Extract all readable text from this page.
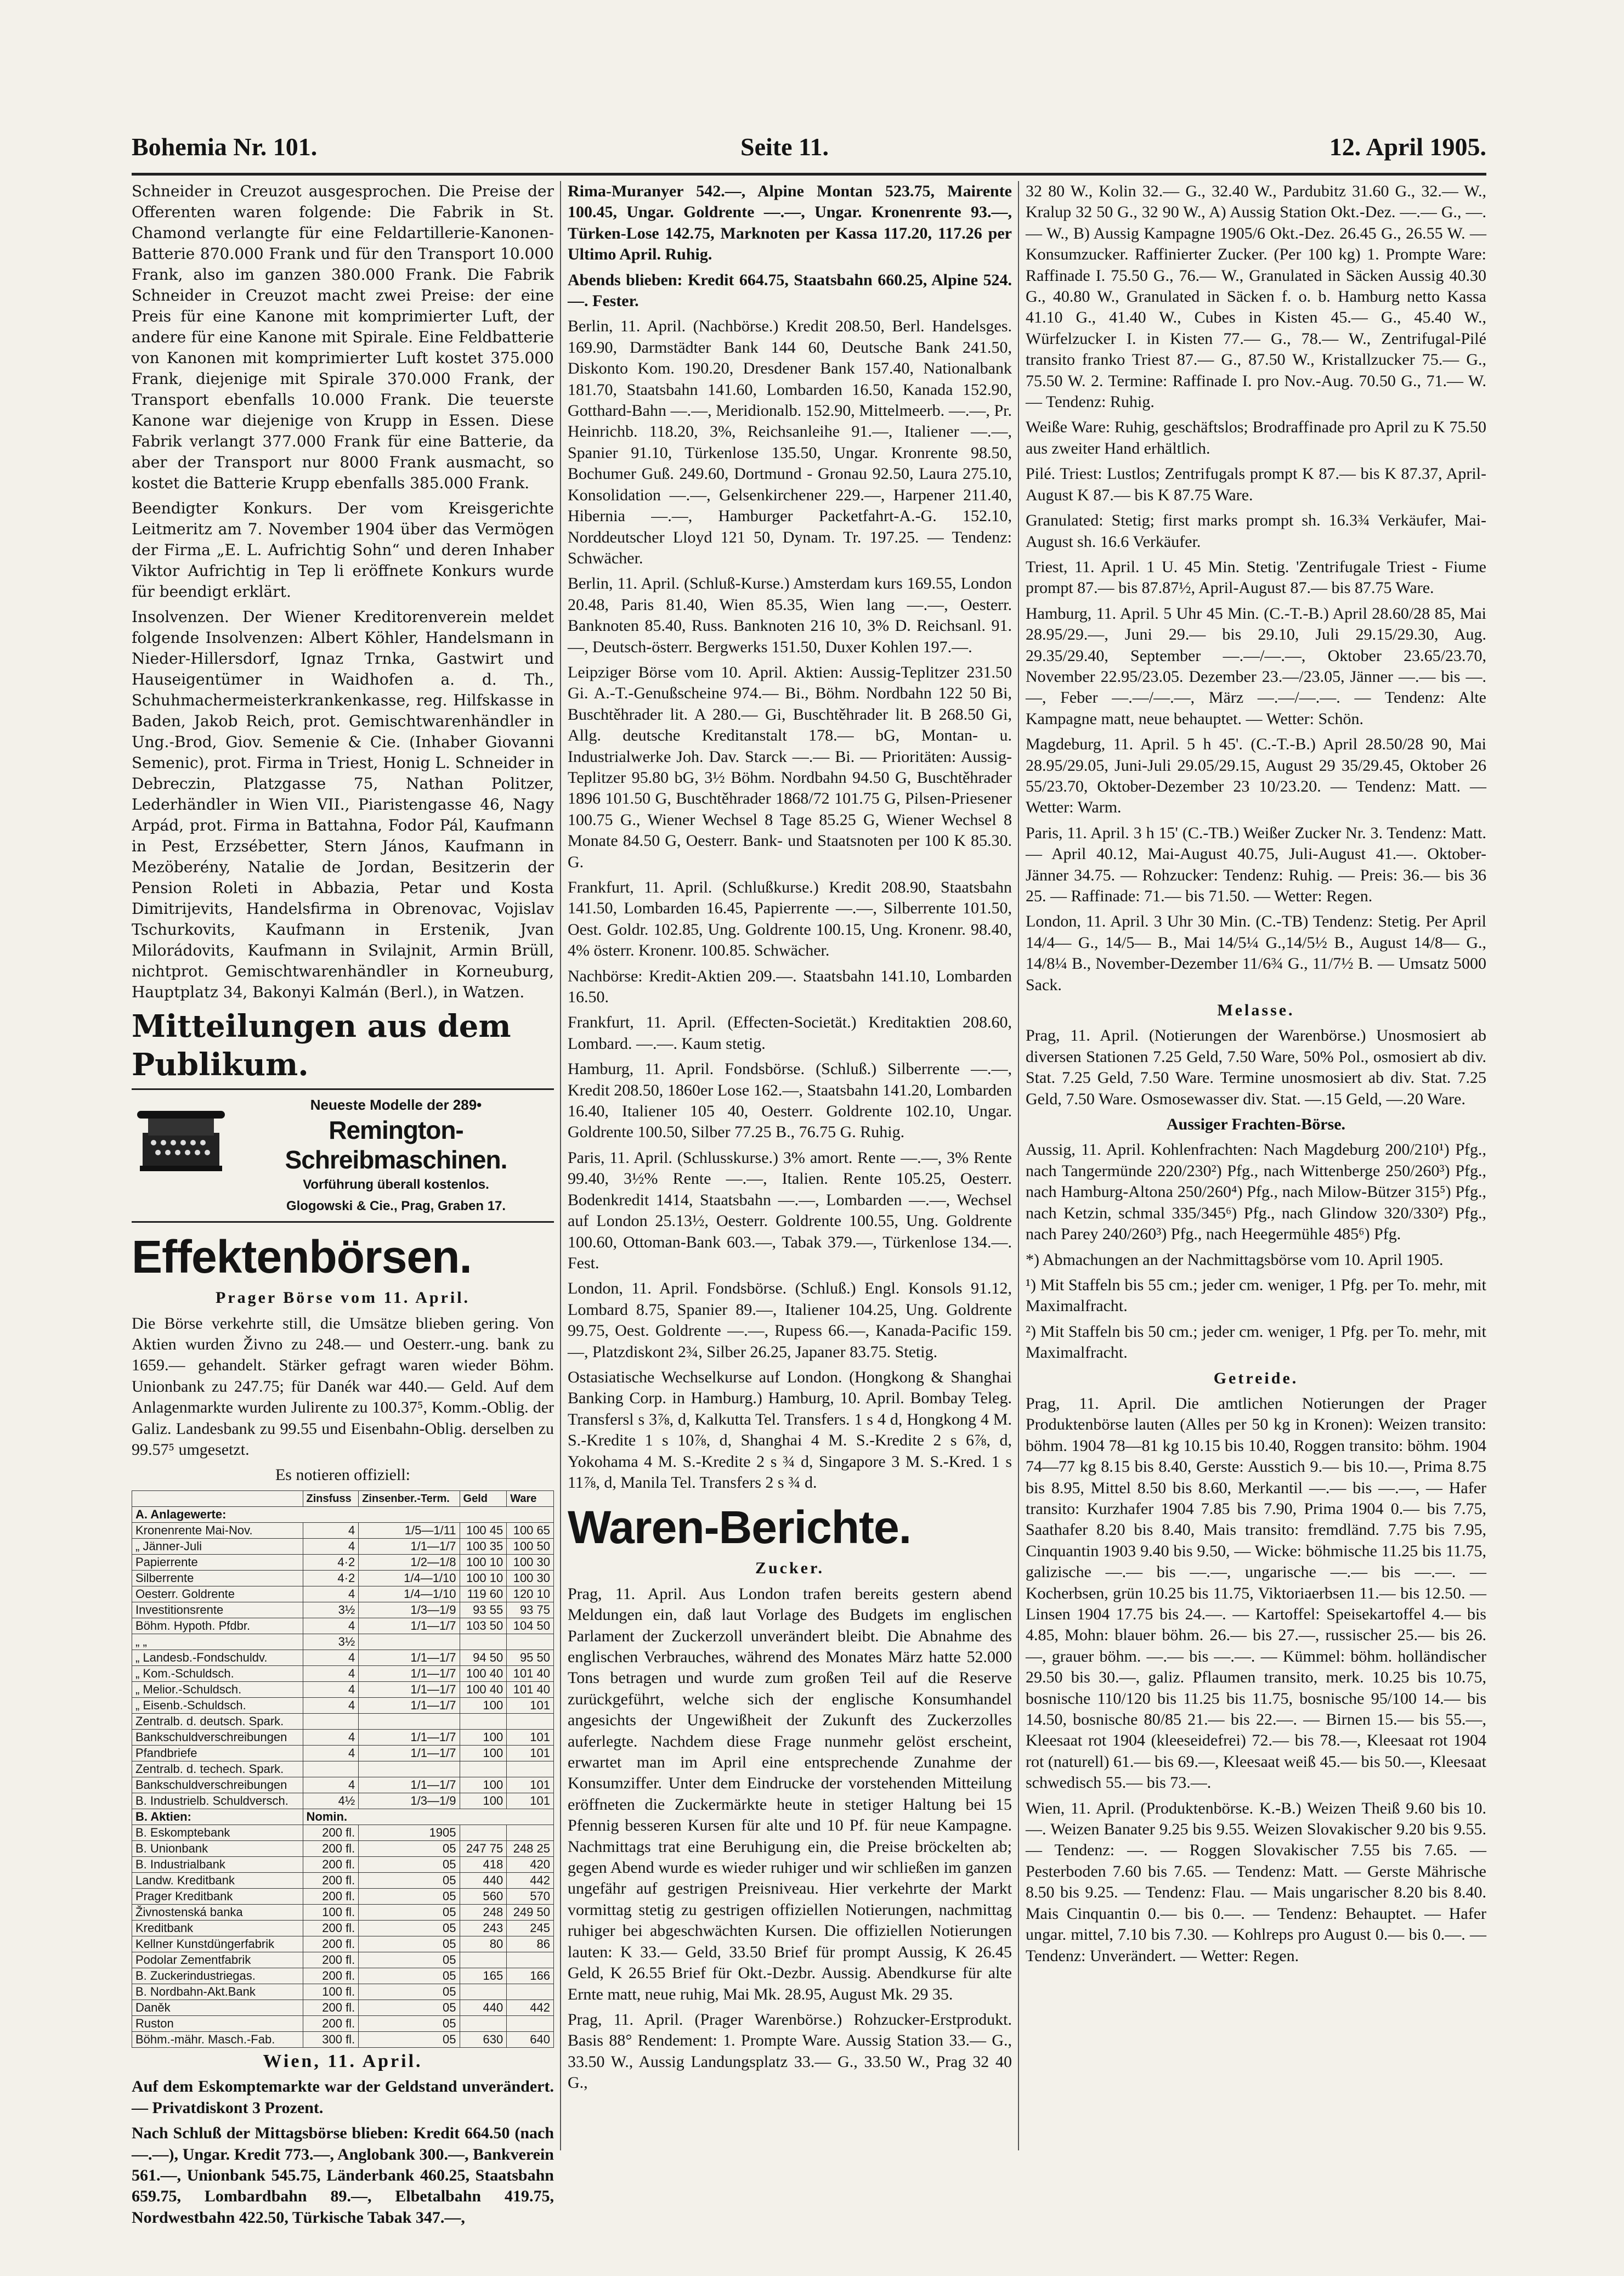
Bohemia Nr. 101.	Seite 11.	12. April 1905.

Schneider in Creuzot ausgesprochen. Die Preise der Offerenten waren folgende: Die Fabrik in St. Chamond verlangte für eine Feldartillerie-Kanonen-Batterie 870.000 Frank und für den Transport 10.000 Frank, also im ganzen 380.000 Frank. Die Fabrik Schneider in Creuzot macht zwei Preise: der eine Preis für eine Kanone mit komprimierter Luft, der andere für eine Kanone mit Spirale. Eine Feldbatterie von Kanonen mit komprimierter Luft kostet 375.000 Frank, diejenige mit Spirale 370.000 Frank, der Transport ebenfalls 10.000 Frank. Die teuerste Kanone war diejenige von Krupp in Essen. Diese Fabrik verlangt 377.000 Frank für eine Batterie, da aber der Transport nur 8000 Frank ausmacht, so kostet die Batterie Krupp ebenfalls 385.000 Frank.

Beendigter Konkurs. Der vom Kreisgerichte Leitmeritz am 7. November 1904 über das Vermögen der Firma „E. L. Aufrichtig Sohn“ und deren Inhaber Viktor Aufrichtig in Tep li eröffnete Konkurs wurde für beendigt erklärt.

Insolvenzen. Der Wiener Kreditorenverein meldet folgende Insolvenzen: Albert Köhler, Handelsmann in Nieder-Hillersdorf, Ignaz Trnka, Gastwirt und Hauseigentümer in Waidhofen a. d. Th., Schuhmachermeisterkrankenkasse, reg. Hilfskasse in Baden, Jakob Reich, prot. Gemischtwarenhändler in Ung.-Brod, Giov. Semenie & Cie. (Inhaber Giovanni Semenic), prot. Firma in Triest, Honig L. Schneider in Debreczin, Platzgasse 75, Nathan Politzer, Lederhändler in Wien VII., Piaristengasse 46, Nagy Arpád, prot. Firma in Battahna, Fodor Pál, Kaufmann in Pest, Erzsébetter, Stern János, Kaufmann in Mezöberény, Natalie de Jordan, Besitzerin der Pension Roleti in Abbazia, Petar und Kosta Dimitrijevits, Handelsfirma in Obrenovac, Vojislav Tschurkovits, Kaufmann in Erstenik, Jvan Milorádovits, Kaufmann in Svilajnit, Armin Brüll, nichtprot. Gemischtwarenhändler in Korneuburg, Hauptplatz 34, Bakonyi Kalmán (Berl.), in Watzen.

Mitteilungen aus dem Publikum.
Neueste Modelle der 289•
Remington-Schreibmaschinen.
Vorführung überall kostenlos.
Glogowski & Cie., Prag, Graben 17.
Effektenbörsen.

Prager Börse vom 11. April.

Die Börse verkehrte still, die Umsätze blieben gering. Von Aktien wurden Živno zu 248.— und Oesterr.-ung. bank zu 1659.— gehandelt. Stärker gefragt waren wieder Böhm. Unionbank zu 247.75; für Danék war 440.— Geld. Auf dem Anlagenmarkte wurden Julirente zu 100.37⁵, Komm.-Oblig. der Galiz. Landesbank zu 99.55 und Eisenbahn-Oblig. derselben zu 99.57⁵ umgesetzt.

Es notieren offiziell:

	Zinsfuss	Zinsenber.-Term.	Geld	Ware
A. Anlagewerte:				
Kronenrente Mai-Nov.	4	1/5—1/11	100 45	100 65
„ Jänner-Juli	4	1/1—1/7	100 35	100 50
Papierrente	4·2	1/2—1/8	100 10	100 30
Silberrente	4·2	1/4—1/10	100 10	100 30
Oesterr. Goldrente	4	1/4—1/10	119 60	120 10
Investitionsrente	3½	1/3—1/9	93 55	93 75
Böhm. Hypoth. Pfdbr.	4	1/1—1/7	103 50	104 50
„ „	3½			
„ Landesb.-Fondschuldv.	4	1/1—1/7	94 50	95 50
„ Kom.-Schuldsch.	4	1/1—1/7	100 40	101 40
„ Melior.-Schuldsch.	4	1/1—1/7	100 40	101 40
„ Eisenb.-Schuldsch.	4	1/1—1/7	100	101
Zentralb. d. deutsch. Spark.				
Bankschuldverschreibungen	4	1/1—1/7	100	101
Pfandbriefe	4	1/1—1/7	100	101
Zentralb. d. techech. Spark.				
Bankschuldverschreibungen	4	1/1—1/7	100	101
B. Industrielb. Schuldversch.	4½	1/3—1/9	100	101
B. Aktien:	Nomin.			
B. Eskomptebank	200 fl.	1905		
B. Unionbank	200 fl.	05	247 75	248 25
B. Industrialbank	200 fl.	05	418	420
Landw. Kreditbank	200 fl.	05	440	442
Prager Kreditbank	200 fl.	05	560	570
Živnostenská banka	100 fl.	05	248	249 50
Kreditbank	200 fl.	05	243	245
Kellner Kunstdüngerfabrik	200 fl.	05	80	86
Podolar Zementfabrik	200 fl.	05		
B. Zuckerindustriegas.	200 fl.	05	165	166
B. Nordbahn-Akt.Bank	100 fl.	05		
Daněk	200 fl.	05	440	442
Ruston	200 fl.	05		
Böhm.-mähr. Masch.-Fab.	300 fl.	05	630	640

Wien, 11. April.

Auf dem Eskomptemarkte war der Geldstand unverändert. — Privatdiskont 3 Prozent.

Nach Schluß der Mittagsbörse blieben: Kredit 664.50 (nach —.—), Ungar. Kredit 773.—, Anglobank 300.—, Bankverein 561.—, Unionbank 545.75, Länderbank 460.25, Staatsbahn 659.75, Lombardbahn 89.—, Elbetalbahn 419.75, Nordwestbahn 422.50, Türkische Tabak 347.—,

Rima-Muranyer 542.—, Alpine Montan 523.75, Mairente 100.45, Ungar. Goldrente —.—, Ungar. Kronenrente 93.—, Türken-Lose 142.75, Marknoten per Kassa 117.20, 117.26 per Ultimo April. Ruhig.

Abends blieben: Kredit 664.75, Staatsbahn 660.25, Alpine 524.—. Fester.

Berlin, 11. April. (Nachbörse.) Kredit 208.50, Berl. Handelsges. 169.90, Darmstädter Bank 144 60, Deutsche Bank 241.50, Diskonto Kom. 190.20, Dresdener Bank 157.40, Nationalbank 181.70, Staatsbahn 141.60, Lombarden 16.50, Kanada 152.90, Gotthard-Bahn —.—, Meridionalb. 152.90, Mittelmeerb. —.—, Pr. Heinrichb. 118.20, 3%, Reichsanleihe 91.—, Italiener —.—, Spanier 91.10, Türkenlose 135.50, Ungar. Kronrente 98.50, Bochumer Guß. 249.60, Dortmund - Gronau 92.50, Laura 275.10, Konsolidation —.—, Gelsenkirchener 229.—, Harpener 211.40, Hibernia —.—, Hamburger Packetfahrt-A.-G. 152.10, Norddeutscher Lloyd 121 50, Dynam. Tr. 197.25. — Tendenz: Schwächer.

Berlin, 11. April. (Schluß-Kurse.) Amsterdam kurs 169.55, London 20.48, Paris 81.40, Wien 85.35, Wien lang —.—, Oesterr. Banknoten 85.40, Russ. Banknoten 216 10, 3% D. Reichsanl. 91.—, Deutsch-österr. Bergwerks 151.50, Duxer Kohlen 197.—.

Leipziger Börse vom 10. April. Aktien: Aussig-Teplitzer 231.50 Gi. A.-T.-Genußscheine 974.— Bi., Böhm. Nordbahn 122 50 Bi, Buschtěhrader lit. A 280.— Gi, Buschtěhrader lit. B 268.50 Gi, Allg. deutsche Kreditanstalt 178.— bG, Montan- u. Industrialwerke Joh. Dav. Starck —.— Bi. — Prioritäten: Aussig-Teplitzer 95.80 bG, 3½ Böhm. Nordbahn 94.50 G, Buschtěhrader 1896 101.50 G, Buschtěhrader 1868/72 101.75 G, Pilsen-Priesener 100.75 G., Wiener Wechsel 8 Tage 85.25 G, Wiener Wechsel 8 Monate 84.50 G, Oesterr. Bank- und Staatsnoten per 100 K 85.30. G.

Frankfurt, 11. April. (Schlußkurse.) Kredit 208.90, Staatsbahn 141.50, Lombarden 16.45, Papierrente —.—, Silberrente 101.50, Oest. Goldr. 102.85, Ung. Goldrente 100.15, Ung. Kronenr. 98.40, 4% österr. Kronenr. 100.85. Schwächer.

Nachbörse: Kredit-Aktien 209.—. Staatsbahn 141.10, Lombarden 16.50.

Frankfurt, 11. April. (Effecten-Societät.) Kreditaktien 208.60, Lombard. —.—. Kaum stetig.

Hamburg, 11. April. Fondsbörse. (Schluß.) Silberrente —.—, Kredit 208.50, 1860er Lose 162.—, Staatsbahn 141.20, Lombarden 16.40, Italiener 105 40, Oesterr. Goldrente 102.10, Ungar. Goldrente 100.50, Silber 77.25 B., 76.75 G. Ruhig.

Paris, 11. April. (Schlusskurse.) 3% amort. Rente —.—, 3% Rente 99.40, 3½% Rente —.—, Italien. Rente 105.25, Oesterr. Bodenkredit 1414, Staatsbahn —.—, Lombarden —.—, Wechsel auf London 25.13½, Oesterr. Goldrente 100.55, Ung. Goldrente 100.60, Ottoman-Bank 603.—, Tabak 379.—, Türkenlose 134.—. Fest.

London, 11. April. Fondsbörse. (Schluß.) Engl. Konsols 91.12, Lombard 8.75, Spanier 89.—, Italiener 104.25, Ung. Goldrente 99.75, Oest. Goldrente —.—, Rupess 66.—, Kanada-Pacific 159.—, Platzdiskont 2¾, Silber 26.25, Japaner 83.75. Stetig.

Ostasiatische Wechselkurse auf London. (Hongkong & Shanghai Banking Corp. in Hamburg.) Hamburg, 10. April. Bombay Teleg. Transfersl s 3⅞, d, Kalkutta Tel. Transfers. 1 s 4 d, Hongkong 4 M. S.-Kredite 1 s 10⅞, d, Shanghai 4 M. S.-Kredite 2 s 6⅞, d, Yokohama 4 M. S.-Kredite 2 s ¾ d, Singapore 3 M. S.-Kred. 1 s 11⅞, d, Manila Tel. Transfers 2 s ¾ d.

Waren-Berichte.

Zucker.

Prag, 11. April. Aus London trafen bereits gestern abend Meldungen ein, daß laut Vorlage des Budgets im englischen Parlament der Zuckerzoll unverändert bleibt. Die Abnahme des englischen Verbrauches, während des Monates März hatte 52.000 Tons betragen und wurde zum großen Teil auf die Reserve zurückgeführt, welche sich der englische Konsumhandel angesichts der Ungewißheit der Zukunft des Zuckerzolles auferlegte. Nachdem diese Frage nunmehr gelöst erscheint, erwartet man im April eine entsprechende Zunahme der Konsumziffer. Unter dem Eindrucke der vorstehenden Mitteilung eröffneten die Zuckermärkte heute in stetiger Haltung bei 15 Pfennig besseren Kursen für alte und 10 Pf. für neue Kampagne. Nachmittags trat eine Beruhigung ein, die Preise bröckelten ab; gegen Abend wurde es wieder ruhiger und wir schließen im ganzen ungefähr auf gestrigen Preisniveau. Hier verkehrte der Markt vormittag stetig zu gestrigen offiziellen Notierungen, nachmittag ruhiger bei abgeschwächten Kursen. Die offiziellen Notierungen lauten: K 33.— Geld, 33.50 Brief für prompt Aussig, K 26.45 Geld, K 26.55 Brief für Okt.-Dezbr. Aussig. Abendkurse für alte Ernte matt, neue ruhig, Mai Mk. 28.95, August Mk. 29 35.

Prag, 11. April. (Prager Warenbörse.) Rohzucker-Erstprodukt. Basis 88° Rendement: 1. Prompte Ware. Aussig Station 33.— G., 33.50 W., Aussig Landungsplatz 33.— G., 33.50 W., Prag 32 40 G.,

32 80 W., Kolin 32.— G., 32.40 W., Pardubitz 31.60 G., 32.— W., Kralup 32 50 G., 32 90 W., A) Aussig Station Okt.-Dez. —.— G., —.— W., B) Aussig Kampagne 1905/6 Okt.-Dez. 26.45 G., 26.55 W. — Konsumzucker. Raffinierter Zucker. (Per 100 kg) 1. Prompte Ware: Raffinade I. 75.50 G., 76.— W., Granulated in Säcken Aussig 40.30 G., 40.80 W., Granulated in Säcken f. o. b. Hamburg netto Kassa 41.10 G., 41.40 W., Cubes in Kisten 45.— G., 45.40 W., Würfelzucker I. in Kisten 77.— G., 78.— W., Zentrifugal-Pilé transito franko Triest 87.— G., 87.50 W., Kristallzucker 75.— G., 75.50 W. 2. Termine: Raffinade I. pro Nov.-Aug. 70.50 G., 71.— W. — Tendenz: Ruhig.

Weiße Ware: Ruhig, geschäftslos; Brodraffinade pro April zu K 75.50 aus zweiter Hand erhältlich.

Pilé. Triest: Lustlos; Zentrifugals prompt K 87.— bis K 87.37, April-August K 87.— bis K 87.75 Ware.

Granulated: Stetig; first marks prompt sh. 16.3¾ Verkäufer, Mai-August sh. 16.6 Verkäufer.

Triest, 11. April. 1 U. 45 Min. Stetig. 'Zentrifugale Triest - Fiume prompt 87.— bis 87.87½, April-August 87.— bis 87.75 Ware.

Hamburg, 11. April. 5 Uhr 45 Min. (C.-T.-B.) April 28.60/28 85, Mai 28.95/29.—, Juni 29.— bis 29.10, Juli 29.15/29.30, Aug. 29.35/29.40, September —.—/—.—, Oktober 23.65/23.70, November 22.95/23.05. Dezember 23.—/23.05, Jänner —.— bis —.—, Feber —.—/—.—, März —.—/—.—. — Tendenz: Alte Kampagne matt, neue behauptet. — Wetter: Schön.

Magdeburg, 11. April. 5 h 45'. (C.-T.-B.) April 28.50/28 90, Mai 28.95/29.05, Juni-Juli 29.05/29.15, August 29 35/29.45, Oktober 26 55/23.70, Oktober-Dezember 23 10/23.20. — Tendenz: Matt. — Wetter: Warm.

Paris, 11. April. 3 h 15' (C.-TB.) Weißer Zucker Nr. 3. Tendenz: Matt. — April 40.12, Mai-August 40.75, Juli-August 41.—. Oktober-Jänner 34.75. — Rohzucker: Tendenz: Ruhig. — Preis: 36.— bis 36 25. — Raffinade: 71.— bis 71.50. — Wetter: Regen.

London, 11. April. 3 Uhr 30 Min. (C.-TB) Tendenz: Stetig. Per April 14/4— G., 14/5— B., Mai 14/5¼ G.,14/5½ B., August 14/8— G., 14/8¼ B., November-Dezember 11/6¾ G., 11/7½ B. — Umsatz 5000 Sack.

Melasse.

Prag, 11. April. (Notierungen der Warenbörse.) Unosmosiert ab diversen Stationen 7.25 Geld, 7.50 Ware, 50% Pol., osmosiert ab div. Stat. 7.25 Geld, 7.50 Ware. Termine unosmosiert ab div. Stat. 7.25 Geld, 7.50 Ware. Osmosewasser div. Stat. —.15 Geld, —.20 Ware.

Aussiger Frachten-Börse.

Aussig, 11. April. Kohlenfrachten: Nach Magdeburg 200/210¹) Pfg., nach Tangermünde 220/230²) Pfg., nach Wittenberge 250/260³) Pfg., nach Hamburg-Altona 250/260⁴) Pfg., nach Milow-Bützer 315⁵) Pfg., nach Ketzin, schmal 335/345⁶) Pfg., nach Glindow 320/330²) Pfg., nach Parey 240/260³) Pfg., nach Heegermühle 485⁶) Pfg.

*) Abmachungen an der Nachmittagsbörse vom 10. April 1905.

¹) Mit Staffeln bis 55 cm.; jeder cm. weniger, 1 Pfg. per To. mehr, mit Maximalfracht.

²) Mit Staffeln bis 50 cm.; jeder cm. weniger, 1 Pfg. per To. mehr, mit Maximalfracht.

Getreide.

Prag, 11. April. Die amtlichen Notierungen der Prager Produktenbörse lauten (Alles per 50 kg in Kronen): Weizen transito: böhm. 1904 78—81 kg 10.15 bis 10.40, Roggen transito: böhm. 1904 74—77 kg 8.15 bis 8.40, Gerste: Ausstich 9.— bis 10.—, Prima 8.75 bis 8.95, Mittel 8.50 bis 8.60, Merkantil —.— bis —.—, — Hafer transito: Kurzhafer 1904 7.85 bis 7.90, Prima 1904 0.— bis 7.75, Saathafer 8.20 bis 8.40, Mais transito: fremdländ. 7.75 bis 7.95, Cinquantin 1903 9.40 bis 9.50, — Wicke: böhmische 11.25 bis 11.75, galizische —.— bis —.—, ungarische —.— bis —.—. — Kocherbsen, grün 10.25 bis 11.75, Viktoriaerbsen 11.— bis 12.50. — Linsen 1904 17.75 bis 24.—. — Kartoffel: Speisekartoffel 4.— bis 4.85, Mohn: blauer böhm. 26.— bis 27.—, russischer 25.— bis 26.—, grauer böhm. —.— bis —.—. — Kümmel: böhm. holländischer 29.50 bis 30.—, galiz. Pflaumen transito, merk. 10.25 bis 10.75, bosnische 110/120 bis 11.25 bis 11.75, bosnische 95/100 14.— bis 14.50, bosnische 80/85 21.— bis 22.—. — Birnen 15.— bis 55.—, Kleesaat rot 1904 (kleeseidefrei) 72.— bis 78.—, Kleesaat rot 1904 rot (naturell) 61.— bis 69.—, Kleesaat weiß 45.— bis 50.—, Kleesaat schwedisch 55.— bis 73.—.

Wien, 11. April. (Produktenbörse. K.-B.) Weizen Theiß 9.60 bis 10.—. Weizen Banater 9.25 bis 9.55. Weizen Slovakischer 9.20 bis 9.55. — Tendenz: —. — Roggen Slovakischer 7.55 bis 7.65. — Pesterboden 7.60 bis 7.65. — Tendenz: Matt. — Gerste Mährische 8.50 bis 9.25. — Tendenz: Flau. — Mais ungarischer 8.20 bis 8.40. Mais Cinquantin 0.— bis 0.—. — Tendenz: Behauptet. — Hafer ungar. mittel, 7.10 bis 7.30. — Kohlreps pro August 0.— bis 0.—. — Tendenz: Unverändert. — Wetter: Regen.
